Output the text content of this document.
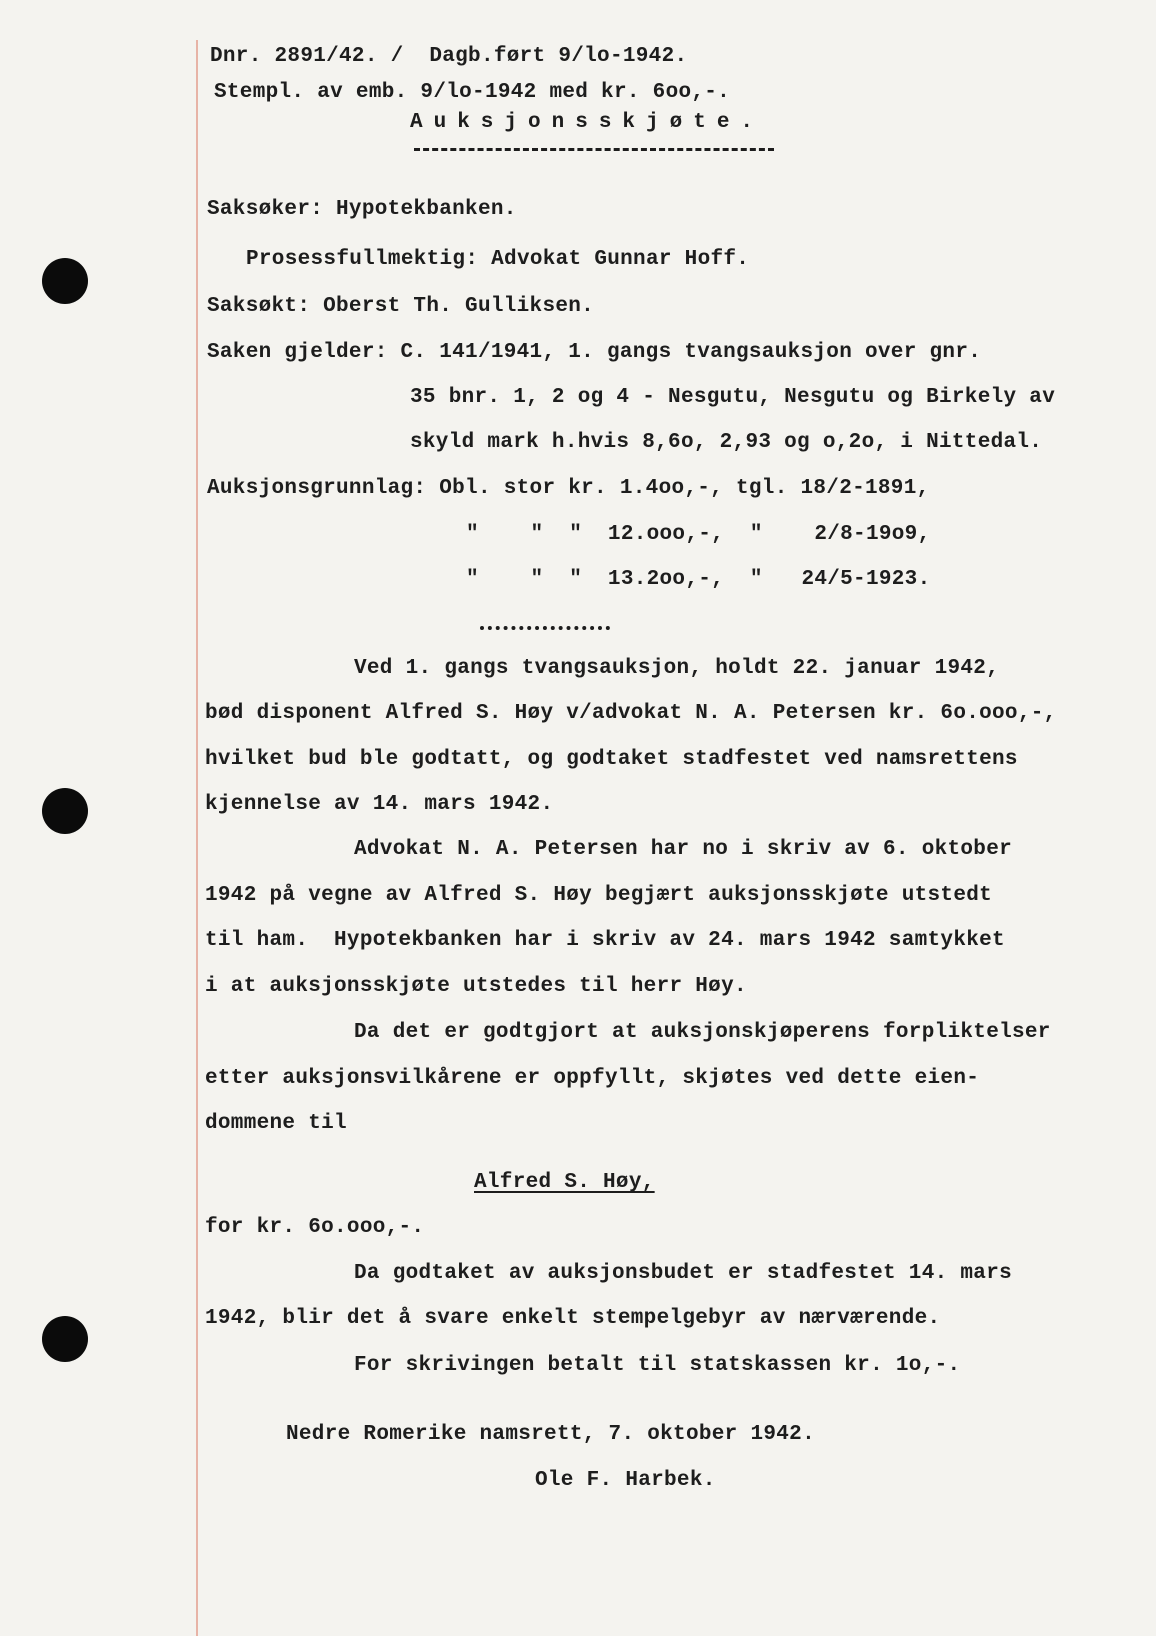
Dnr. 2891/42. /  Dagb.ført 9/lo-1942.
Stempl. av emb. 9/lo-1942 med kr. 6oo,-.
Auksjonsskjøte.
Saksøker: Hypotekbanken.
Prosessfullmektig: Advokat Gunnar Hoff.
Saksøkt: Oberst Th. Gulliksen.
Saken gjelder: C. 141/1941, 1. gangs tvangsauksjon over gnr.
35 bnr. 1, 2 og 4 - Nesgutu, Nesgutu og Birkely av
skyld mark h.hvis 8,6o, 2,93 og o,2o, i Nittedal.
Auksjonsgrunnlag: Obl. stor kr. 1.4oo,-, tgl. 18/2-1891,
"    "  "  12.ooo,-,  "    2/8-19o9,
"    "  "  13.2oo,-,  "   24/5-1923.
Ved 1. gangs tvangsauksjon, holdt 22. januar 1942,
bød disponent Alfred S. Høy v/advokat N. A. Petersen kr. 6o.ooo,-,
hvilket bud ble godtatt, og godtaket stadfestet ved namsrettens
kjennelse av 14. mars 1942.
Advokat N. A. Petersen har no i skriv av 6. oktober
1942 på vegne av Alfred S. Høy begjært auksjonsskjøte utstedt
til ham.  Hypotekbanken har i skriv av 24. mars 1942 samtykket
i at auksjonsskjøte utstedes til herr Høy.
Da det er godtgjort at auksjonskjøperens forpliktelser
etter auksjonsvilkårene er oppfyllt, skjøtes ved dette eien-
dommene til
Alfred S. Høy,
for kr. 6o.ooo,-.
Da godtaket av auksjonsbudet er stadfestet 14. mars
1942, blir det å svare enkelt stempelgebyr av nærværende.
For skrivingen betalt til statskassen kr. 1o,-.
Nedre Romerike namsrett, 7. oktober 1942.
Ole F. Harbek.
